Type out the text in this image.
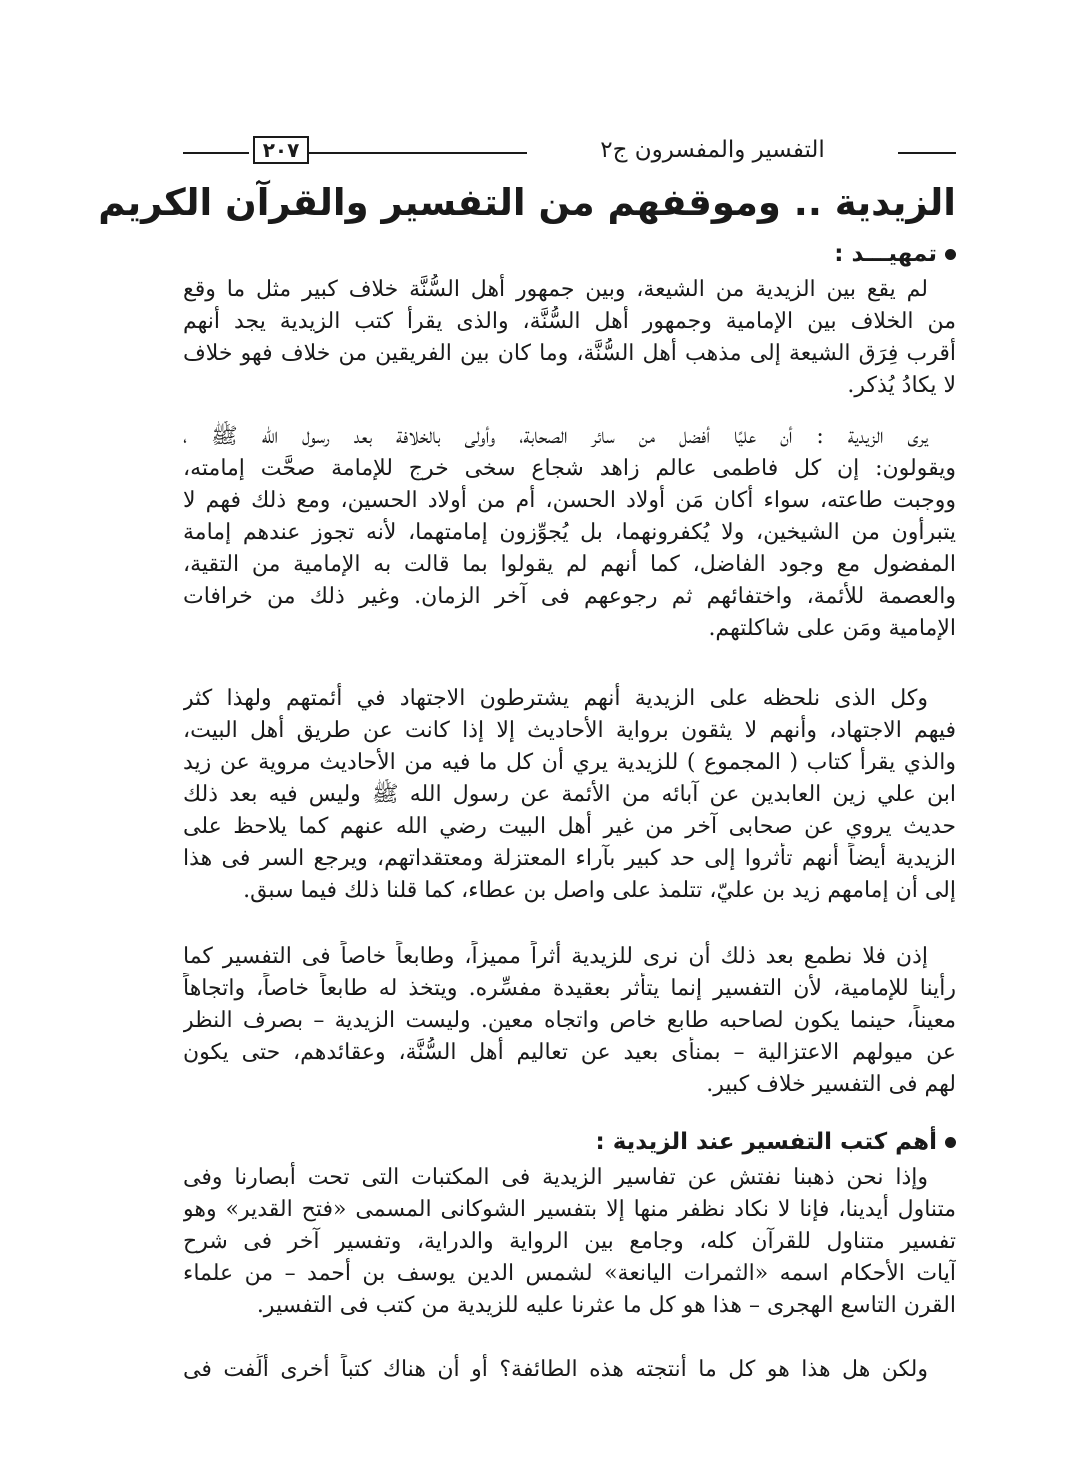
٢٠٧	التفسير والمفسرون ج٢
الزيدية .. وموقفهم من التفسير والقرآن الكريم
تمهيـــد :
لم يقع بين الزيدية من الشيعة، وبين جمهور أهل السُّنَّة خلاف كبير مثل ما وقع
من الخلاف بين الإمامية وجمهور أهل السُّنَّة، والذى يقرأ كتب الزيدية يجد أنهم
أقرب فِرَق الشيعة إلى مذهب أهل السُّنَّة، وما كان بين الفريقين من خلاف فهو خلاف
لا يكادُ يُذكر.
يرى الزيدية : أن عليًا أفضل من سائر الصحابة، وأولى بالخلافة بعد رسول الله ﷺ ،
ويقولون: إن كل فاطمى عالم زاهد شجاع سخى خرج للإمامة صحَّت إمامته،
ووجبت طاعته، سواء أكان مَن أولاد الحسن، أم من أولاد الحسين، ومع ذلك فهم لا
يتبرأون من الشيخين، ولا يُكفرونهما، بل يُجوِّزون إمامتهما، لأنه تجوز عندهم إمامة
المفضول مع وجود الفاضل، كما أنهم لم يقولوا بما قالت به الإمامية من التقية،
والعصمة للأئمة، واختفائهم ثم رجوعهم فى آخر الزمان. وغير ذلك من خرافات
الإمامية ومَن على شاكلتهم.
وكل الذى نلحظه على الزيدية أنهم يشترطون الاجتهاد في أئمتهم ولهذا كثر
فيهم الاجتهاد، وأنهم لا يثقون برواية الأحاديث إلا إذا كانت عن طريق أهل البيت،
والذي يقرأ كتاب ( المجموع ) للزيدية يري أن كل ما فيه من الأحاديث مروية عن زيد
ابن علي زين العابدين عن آبائه من الأئمة عن رسول الله ﷺ وليس فيه بعد ذلك
حديث يروي عن صحابى آخر من غير أهل البيت رضي الله عنهم كما يلاحظ على
الزيدية أيضاً أنهم تأثروا إلى حد كبير بآراء المعتزلة ومعتقداتهم، ويرجع السر فى هذا
إلى أن إمامهم زيد بن عليّ، تتلمذ على واصل بن عطاء، كما قلنا ذلك فيما سبق.
إذن فلا نطمع بعد ذلك أن نرى للزيدية أثراً مميزاً، وطابعاً خاصاً فى التفسير كما
رأينا للإمامية، لأن التفسير إنما يتأثر بعقيدة مفسِّره. ويتخذ له طابعاً خاصاً، واتجاهاً
معيناً، حينما يكون لصاحبه طابع خاص واتجاه معين. وليست الزيدية – بصرف النظر
عن ميولهم الاعتزالية – بمنأى بعيد عن تعاليم أهل السُّنَّة، وعقائدهم، حتى يكون
لهم فى التفسير خلاف كبير.
أهم كتب التفسير عند الزيدية :
وإذا نحن ذهبنا نفتش عن تفاسير الزيدية فى المكتبات التى تحت أبصارنا وفى
متناول أيدينا، فإنا لا نكاد نظفر منها إلا بتفسير الشوكانى المسمى «فتح القدير» وهو
تفسير متناول للقرآن كله، وجامع بين الرواية والدراية، وتفسير آخر فى شرح
آيات الأحكام اسمه «الثمرات اليانعة» لشمس الدين يوسف بن أحمد – من علماء
القرن التاسع الهجرى – هذا هو كل ما عثرنا عليه للزيدية من كتب فى التفسير.
ولكن هل هذا هو كل ما أنتجته هذه الطائفة؟ أو أن هناك كتباً أخرى أُلِّفت فى
